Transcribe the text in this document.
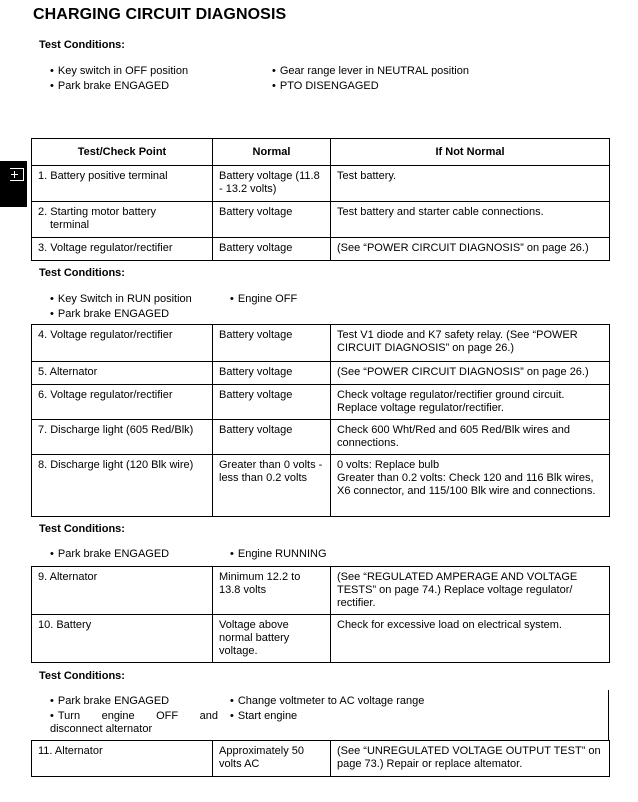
CHARGING CIRCUIT DIAGNOSIS
Test Conditions:
• Key switch in OFF position
• Park brake ENGAGED
• Gear range lever in NEUTRAL position
• PTO DISENGAGED
Test/Check Point	Normal	If Not Normal
1. Battery positive terminal	Battery voltage (11.8 - 13.2 volts)	Test battery.
2. Starting motor battery
terminal	Battery voltage	Test battery and starter cable connections.
3. Voltage regulator/rectifier	Battery voltage	(See “POWER CIRCUIT DIAGNOSIS” on page 26.)
Test Conditions:
• Key Switch in RUN position
• Park brake ENGAGED
• Engine OFF
4. Voltage regulator/rectifier	Battery voltage	Test V1 diode and K7 safety relay. (See “POWER CIRCUIT DIAGNOSIS” on page 26.)
5. Alternator	Battery voltage	(See “POWER CIRCUIT DIAGNOSIS” on page 26.)
6. Voltage regulator/rectifier	Battery voltage	Check voltage regulator/rectifier ground circuit. Replace voltage regulator/rectifier.
7. Discharge light (605 Red/Blk)	Battery voltage	Check 600 Wht/Red and 605 Red/Blk wires and connections.
8. Discharge light (120 Blk wire)	Greater than 0 volts - less than 0.2 volts	0 volts: Replace bulb
Greater than 0.2 volts: Check 120 and 116 Blk wires, X6 connector, and 115/100 Blk wire and connections.
Test Conditions:
• Park brake ENGAGED	• Engine RUNNING
9. Alternator	Minimum 12.2 to 13.8 volts	(See “REGULATED AMPERAGE AND VOLTAGE TESTS” on page 74.) Replace voltage regulator/ rectifier.
10. Battery	Voltage above normal battery voltage.	Check for excessive load on electrical system.
Test Conditions:
• Park brake ENGAGED
• Turn engine OFF and disconnect alternator
• Change voltmeter to AC voltage range
• Start engine
11. Alternator	Approximately 50 volts AC	(See “UNREGULATED VOLTAGE OUTPUT TEST” on page 73.) Repair or replace altemator.
